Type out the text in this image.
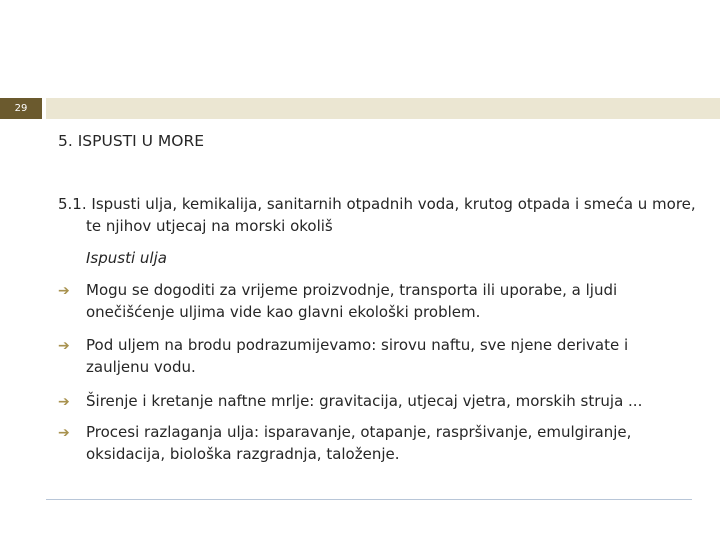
29
5. ISPUSTI U MORE
5.1. Ispusti ulja, kemikalija, sanitarnih otpadnih voda, krutog otpada i smeća u more, te njihov utjecaj na morski okoliš
Ispusti ulja
➔ Mogu se dogoditi za vrijeme proizvodnje, transporta ili uporabe, a ljudi onečišćenje uljima vide kao glavni ekološki problem.
➔ Pod uljem na brodu podrazumijevamo: sirovu naftu, sve njene derivate i zauljenu vodu.
➔ Širenje i kretanje naftne mrlje: gravitacija, utjecaj vjetra, morskih struja ...
➔ Procesi razlaganja ulja: isparavanje, otapanje, raspršivanje, emulgiranje, oksidacija, biološka razgradnja, taloženje.
